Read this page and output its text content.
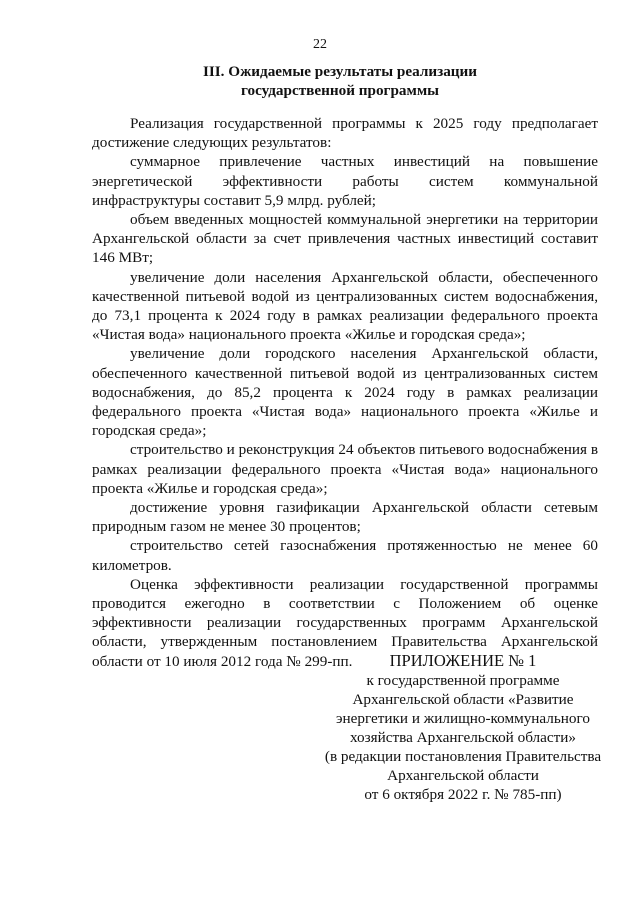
22
III. Ожидаемые результаты реализации
государственной программы

Реализация государственной программы к 2025 году предполагает достижение следующих результатов:

суммарное привлечение частных инвестиций на повышение энергетической эффективности работы систем коммунальной инфраструктуры составит 5,9 млрд. рублей;

объем введенных мощностей коммунальной энергетики на территории Архангельской области за счет привлечения частных инвестиций составит 146 МВт;

увеличение доли населения Архангельской области, обеспеченного качественной питьевой водой из централизованных систем водоснабжения, до 73,1 процента к 2024 году в рамках реализации федерального проекта «Чистая вода» национального проекта «Жилье и городская среда»;

увеличение доли городского населения Архангельской области, обеспеченного качественной питьевой водой из централизованных систем водоснабжения, до 85,2 процента к 2024 году в рамках реализации федерального проекта «Чистая вода» национального проекта «Жилье и городская среда»;

строительство и реконструкция 24 объектов питьевого водоснабжения в рамках реализации федерального проекта «Чистая вода» национального проекта «Жилье и городская среда»;

достижение уровня газификации Архангельской области сетевым природным газом не менее 30 процентов;

строительство сетей газоснабжения протяженностью не менее 60 километров.

Оценка эффективности реализации государственной программы проводится ежегодно в соответствии с Положением об оценке эффективности реализации государственных программ Архангельской области, утвержденным постановлением Правительства Архангельской области от 10 июля 2012 года № 299-пп.	ПРИЛОЖЕНИЕ № 1
к государственной программе
Архангельской области «Развитие
энергетики и жилищно-коммунального
хозяйства Архангельской области»
(в редакции постановления Правительства
Архангельской области
от 6 октября 2022 г. № 785-пп)
